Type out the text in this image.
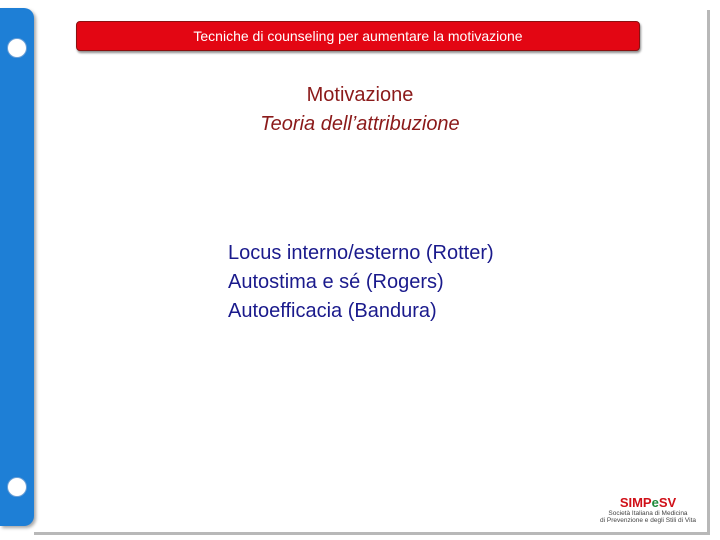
Tecniche di counseling per aumentare la motivazione
Motivazione
Teoria dell’attribuzione
Locus interno/esterno (Rotter)
Autostima e sé (Rogers)
Autoefficacia (Bandura)
SIMPeSV
Società Italiana di Medicina
di Prevenzione e degli Stili di Vita
